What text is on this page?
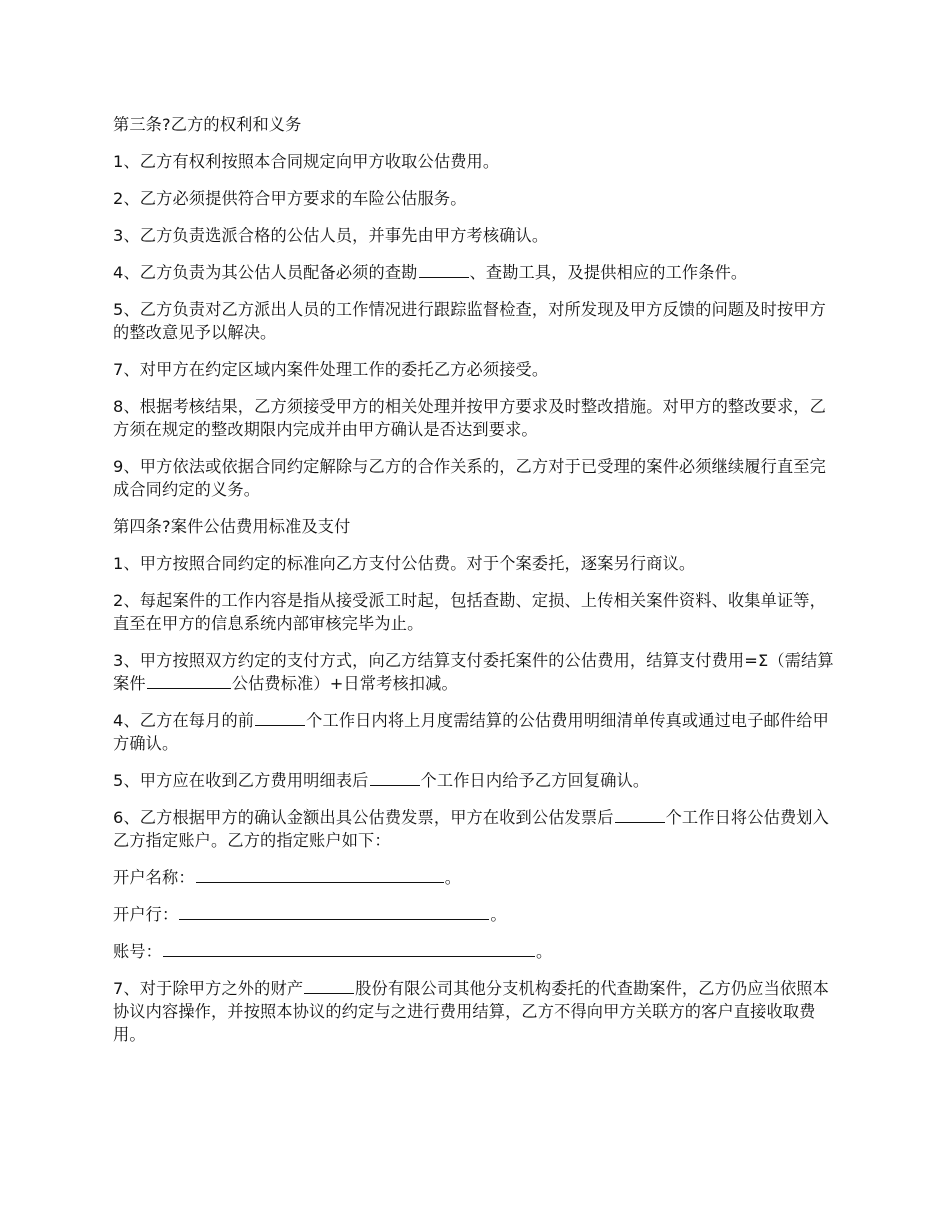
第三条?乙方的权利和义务

1、乙方有权利按照本合同规定向甲方收取公估费用。

2、乙方必须提供符合甲方要求的车险公估服务。

3、乙方负责选派合格的公估人员，并事先由甲方考核确认。

4、乙方负责为其公估人员配备必须的查勘	、查勘工具，及提供相应的工作条件。

5、乙方负责对乙方派出人员的工作情况进行跟踪监督检查，对所发现及甲方反馈的问题及时按甲方的整改意见予以解决。

7、对甲方在约定区域内案件处理工作的委托乙方必须接受。

8、根据考核结果，乙方须接受甲方的相关处理并按甲方要求及时整改措施。对甲方的整改要求，乙方须在规定的整改期限内完成并由甲方确认是否达到要求。

9、甲方依法或依据合同约定解除与乙方的合作关系的，乙方对于已受理的案件必须继续履行直至完成合同约定的义务。

第四条?案件公估费用标准及支付

1、甲方按照合同约定的标准向乙方支付公估费。对于个案委托，逐案另行商议。

2、每起案件的工作内容是指从接受派工时起，包括查勘、定损、上传相关案件资料、收集单证等，直至在甲方的信息系统内部审核完毕为止。

3、甲方按照双方约定的支付方式，向乙方结算支付委托案件的公估费用，结算支付费用=Σ（需结算案件	公估费标准）+日常考核扣减。

4、乙方在每月的前	个工作日内将上月度需结算的公估费用明细清单传真或通过电子邮件给甲方确认。

5、甲方应在收到乙方费用明细表后	个工作日内给予乙方回复确认。

6、乙方根据甲方的确认金额出具公估费发票，甲方在收到公估发票后	个工作日将公估费划入乙方指定账户。乙方的指定账户如下：

开户名称：	。

开户行：	。

账号：	。

7、对于除甲方之外的财产	股份有限公司其他分支机构委托的代查勘案件，乙方仍应当依照本协议内容操作，并按照本协议的约定与之进行费用结算，乙方不得向甲方关联方的客户直接收取费用。
